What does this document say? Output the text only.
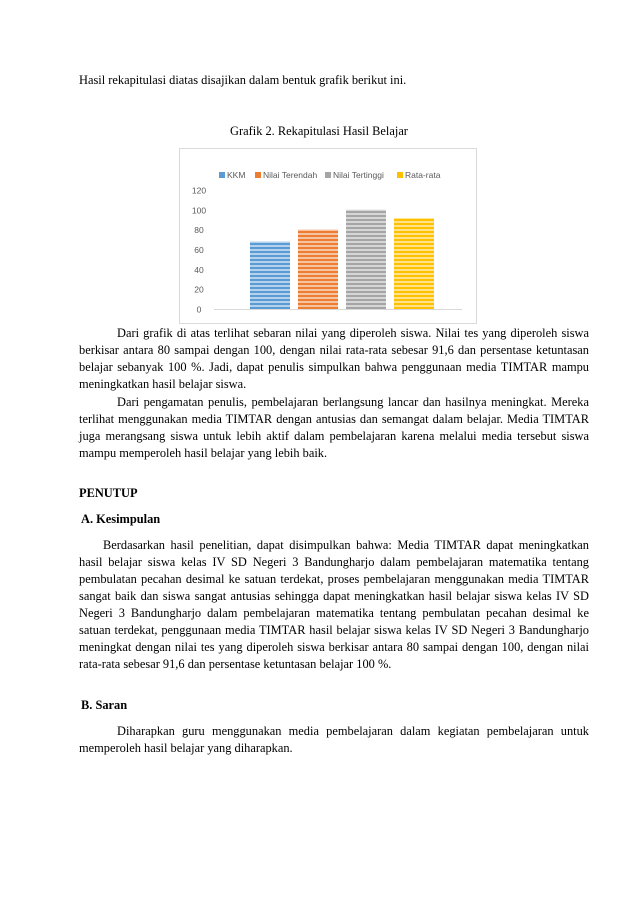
Hasil rekapitulasi diatas disajikan dalam bentuk grafik berikut ini.

Grafik 2. Rekapitulasi Hasil Belajar
KKM Nilai Terendah Nilai Tertinggi Rata-rata
0
20
40
60
80
100
120

Dari grafik di atas terlihat sebaran nilai yang diperoleh siswa. Nilai tes yang diperoleh siswa berkisar antara 80 sampai dengan 100, dengan nilai rata-rata sebesar 91,6 dan persentase ketuntasan belajar sebanyak 100 %. Jadi, dapat penulis simpulkan bahwa penggunaan media TIMTAR mampu meningkatkan hasil belajar siswa.

Dari pengamatan penulis, pembelajaran berlangsung lancar dan hasilnya meningkat. Mereka terlihat menggunakan media TIMTAR dengan antusias dan semangat dalam belajar. Media TIMTAR juga merangsang siswa untuk lebih aktif dalam pembelajaran karena melalui media tersebut siswa mampu memperoleh hasil belajar yang lebih baik.

PENUTUP
A. Kesimpulan

Berdasarkan hasil penelitian, dapat disimpulkan bahwa: Media TIMTAR dapat meningkatkan hasil belajar siswa kelas IV SD Negeri 3 Bandungharjo dalam pembelajaran matematika tentang pembulatan pecahan desimal ke satuan terdekat, proses pembelajaran menggunakan media TIMTAR sangat baik dan siswa sangat antusias sehingga dapat meningkatkan hasil belajar siswa kelas IV SD Negeri 3 Bandungharjo dalam pembelajaran matematika tentang pembulatan pecahan desimal ke satuan terdekat, penggunaan media TIMTAR hasil belajar siswa kelas IV SD Negeri 3 Bandungharjo meningkat dengan nilai tes yang diperoleh siswa berkisar antara 80 sampai dengan 100, dengan nilai rata-rata sebesar 91,6 dan persentase ketuntasan belajar 100 %.

B. Saran

Diharapkan guru menggunakan media pembelajaran dalam kegiatan pembelajaran untuk memperoleh hasil belajar yang diharapkan.
